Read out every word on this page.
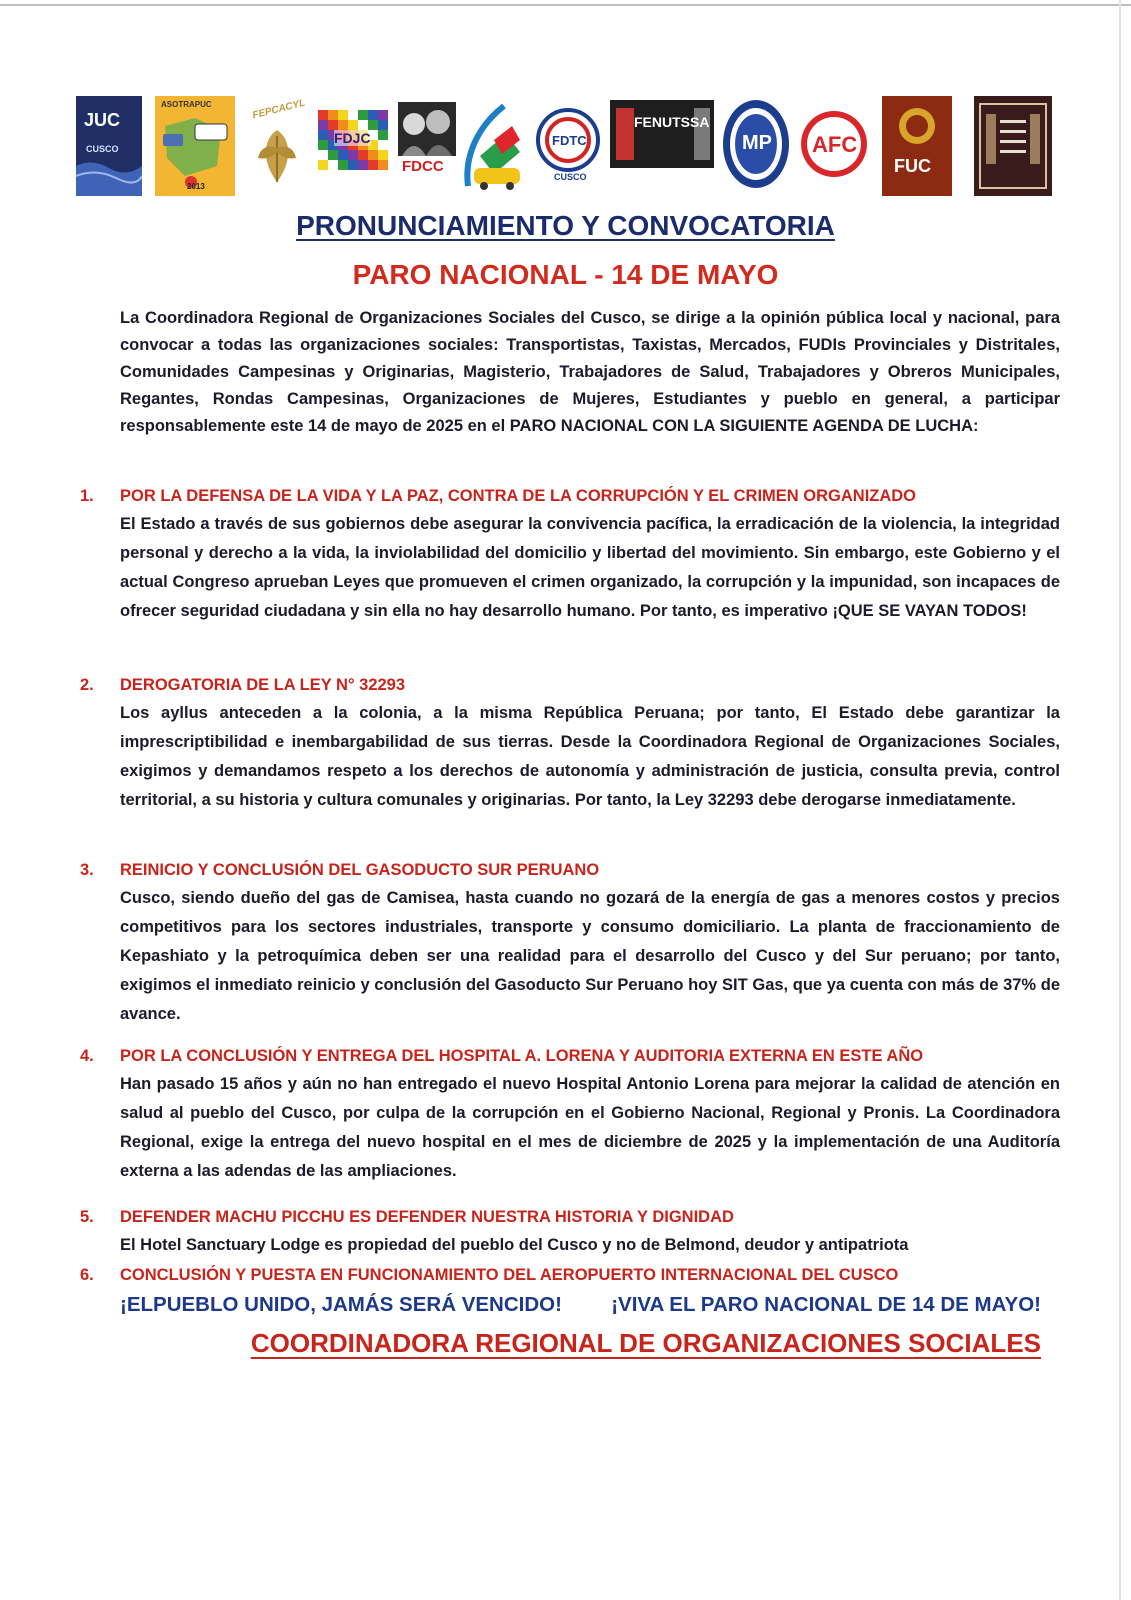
JUC
CUSCO
ASOTRAPUC
2013
FEPCACYL
FDJC
FDCC
FDTC
CUSCO
FENUTSSA
MP AFC
FUC
PRONUNCIAMIENTO Y CONVOCATORIA
PARO NACIONAL - 14 DE MAYO
La Coordinadora Regional de Organizaciones Sociales del Cusco, se dirige a la opinión pública local y nacional, para convocar a todas las organizaciones sociales: Transportistas, Taxistas, Mercados, FUDIs Provinciales y Distritales, Comunidades Campesinas y Originarias, Magisterio, Trabajadores de Salud, Trabajadores y Obreros Municipales, Regantes, Rondas Campesinas, Organizaciones de Mujeres, Estudiantes y pueblo en general, a participar responsablemente este 14 de mayo de 2025 en el PARO NACIONAL CON LA SIGUIENTE AGENDA DE LUCHA:
1.	POR LA DEFENSA DE LA VIDA Y LA PAZ, CONTRA DE LA CORRUPCIÓN Y EL CRIMEN ORGANIZADO
El Estado a través de sus gobiernos debe asegurar la convivencia pacífica, la erradicación de la violencia, la integridad personal y derecho a la vida, la inviolabilidad del domicilio y libertad del movimiento. Sin embargo, este Gobierno y el actual Congreso aprueban Leyes que promueven el crimen organizado, la corrupción y la impunidad, son incapaces de ofrecer seguridad ciudadana y sin ella no hay desarrollo humano. Por tanto, es imperativo ¡QUE SE VAYAN TODOS!
2.	DEROGATORIA DE LA LEY N° 32293
Los ayllus anteceden a la colonia, a la misma República Peruana; por tanto, El Estado debe garantizar la imprescriptibilidad e inembargabilidad de sus tierras. Desde la Coordinadora Regional de Organizaciones Sociales, exigimos y demandamos respeto a los derechos de autonomía y administración de justicia, consulta previa, control territorial, a su historia y cultura comunales y originarias. Por tanto, la Ley 32293 debe derogarse inmediatamente.
3.	REINICIO Y CONCLUSIÓN DEL GASODUCTO SUR PERUANO
Cusco, siendo dueño del gas de Camisea, hasta cuando no gozará de la energía de gas a menores costos y precios competitivos para los sectores industriales, transporte y consumo domiciliario. La planta de fraccionamiento de Kepashiato y la petroquímica deben ser una realidad para el desarrollo del Cusco y del Sur peruano; por tanto, exigimos el inmediato reinicio y conclusión del Gasoducto Sur Peruano hoy SIT Gas, que ya cuenta con más de 37% de avance.
4.	POR LA CONCLUSIÓN Y ENTREGA DEL HOSPITAL A. LORENA Y AUDITORIA EXTERNA EN ESTE AÑO
Han pasado 15 años y aún no han entregado el nuevo Hospital Antonio Lorena para mejorar la calidad de atención en salud al pueblo del Cusco, por culpa de la corrupción en el Gobierno Nacional, Regional y Pronis. La Coordinadora Regional, exige la entrega del nuevo hospital en el mes de diciembre de 2025 y la implementación de una Auditoría externa a las adendas de las ampliaciones.
5.	DEFENDER MACHU PICCHU ES DEFENDER NUESTRA HISTORIA Y DIGNIDAD
El Hotel Sanctuary Lodge es propiedad del pueblo del Cusco y no de Belmond, deudor y antipatriota
6.	CONCLUSIÓN Y PUESTA EN FUNCIONAMIENTO DEL AEROPUERTO INTERNACIONAL DEL CUSCO
¡ELPUEBLO UNIDO, JAMÁS SERÁ VENCIDO! ¡VIVA EL PARO NACIONAL DE 14 DE MAYO!
COORDINADORA REGIONAL DE ORGANIZACIONES SOCIALES
